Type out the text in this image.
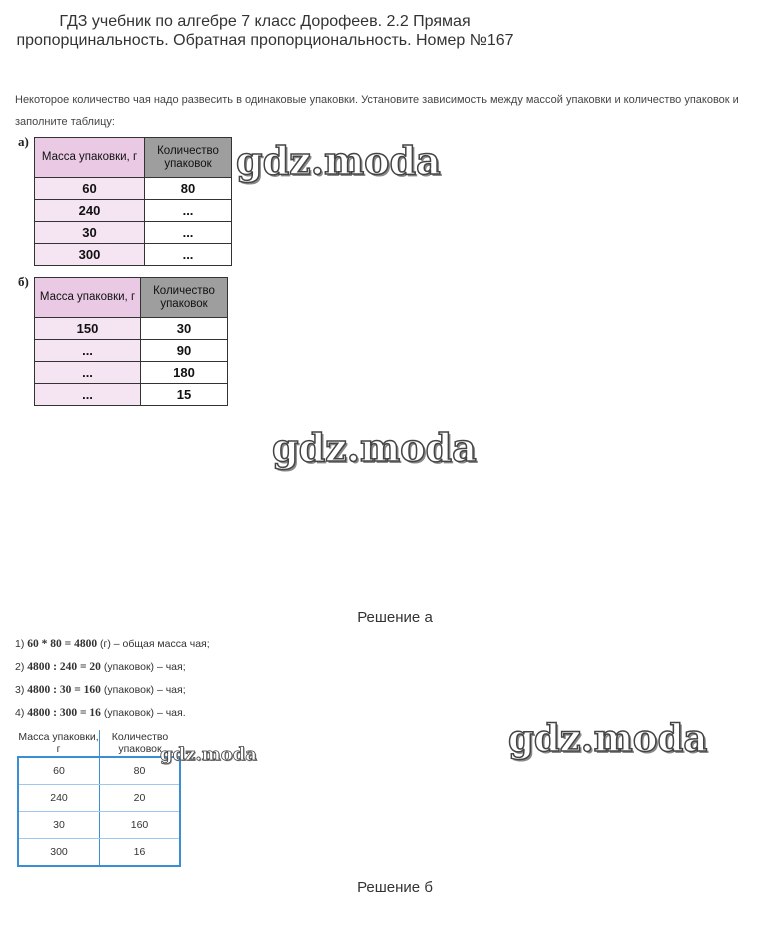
ГДЗ учебник по алгебре 7 класс Дорофеев. 2.2 Прямая пропорцинальность. Обратная пропорциональность. Номер №167
Некоторое количество чая надо развесить в одинаковые упаковки. Установите зависимость между массой упаковки и количество упаковок и заполните таблицу:
а)
Масса упаковки, г	Количество упаковок
60	80
240	...
30	...
300	...
б)
Масса упаковки, г	Количество упаковок
150	30
...	90
...	180
...	15
gdz.moda
gdz.moda
gdz.moda
Решение а
1) 60 * 80 = 4800 (г) – общая масса чая;
2) 4800 : 240 = 20 (упаковок) – чая;
3) 4800 : 30 = 160 (упаковок) – чая;
4) 4800 : 300 = 16 (упаковок) – чая.
Масса упаковки, г	Количество упаковок
60	80
240	20
30	160
300	16
gdz.moda
Решение б
